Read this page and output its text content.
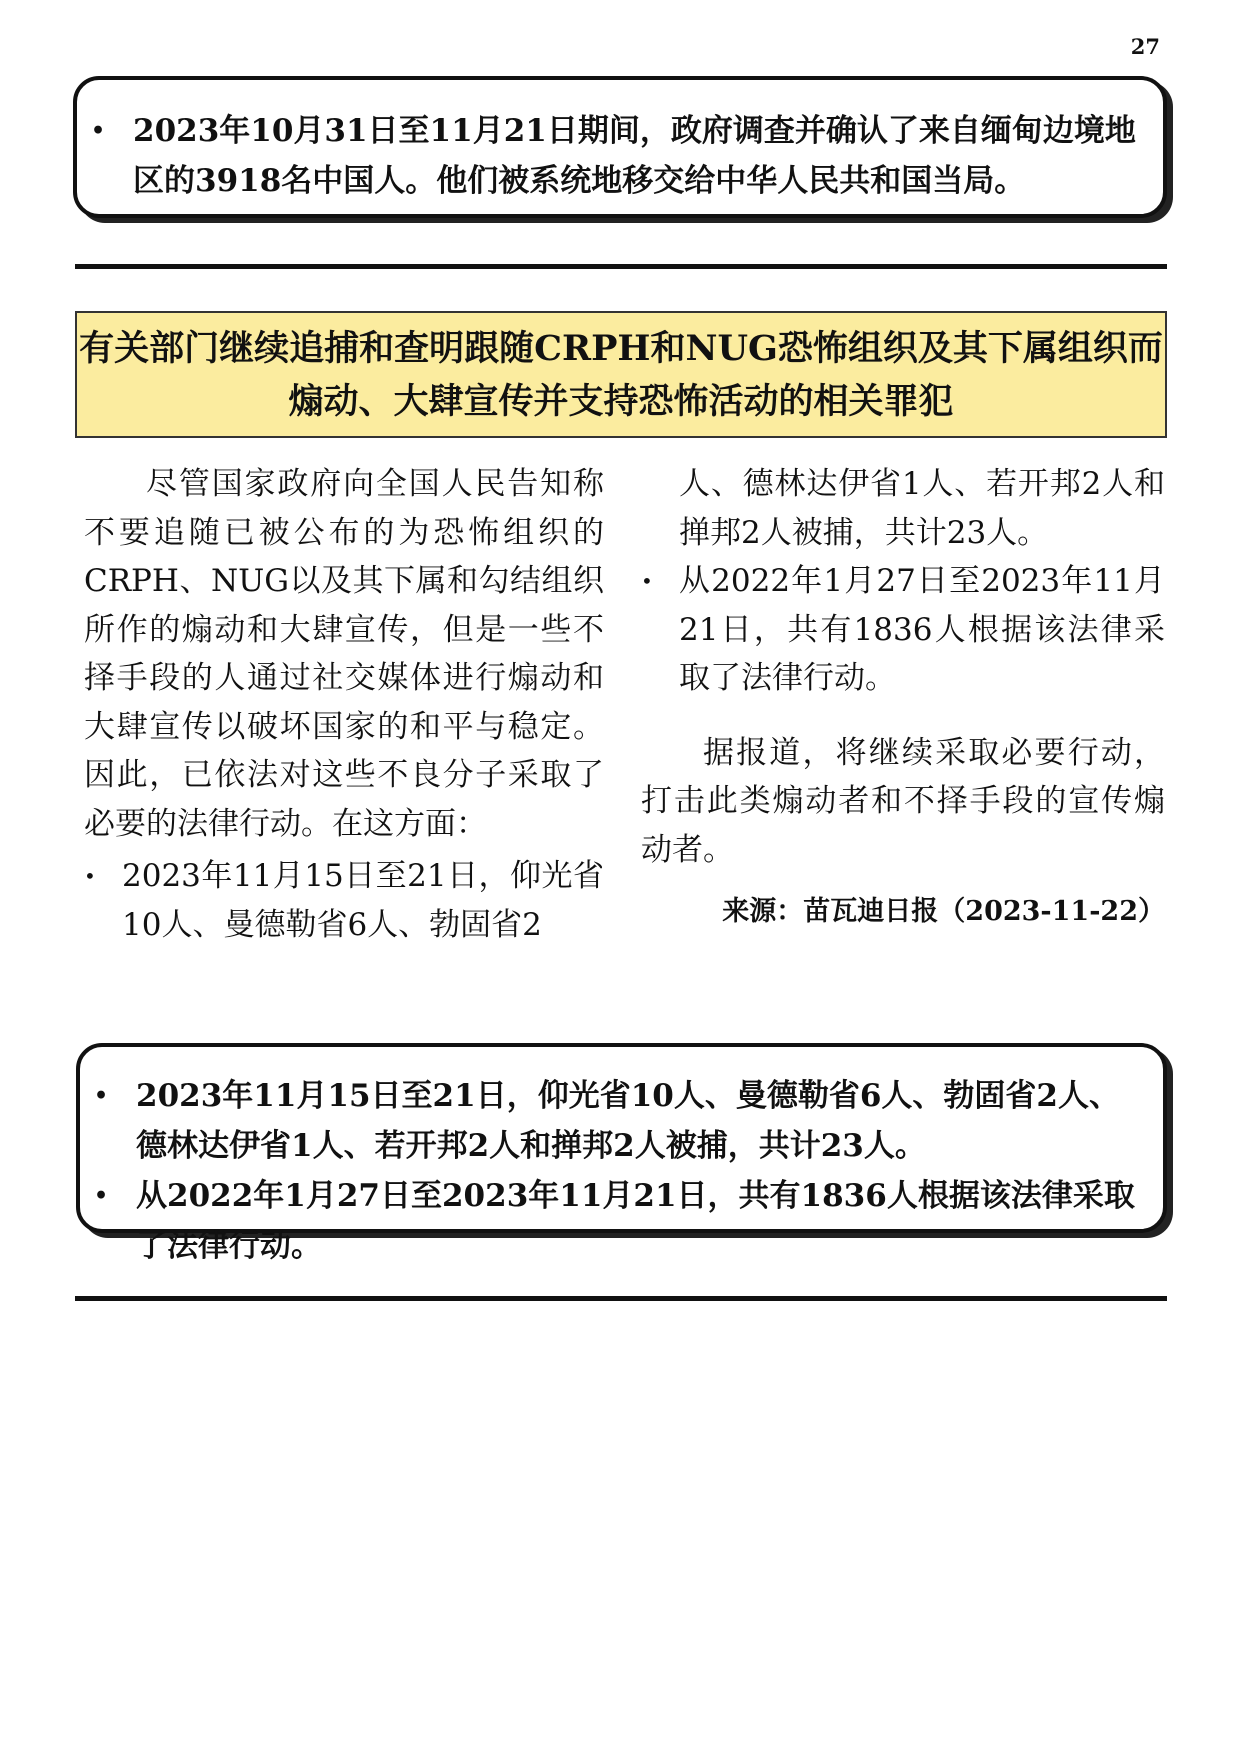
27
• 2023年10月31日至11月21日期间，政府调查并确认了来自缅甸边境地区的3918名中国人。他们被系统地移交给中华人民共和国当局。
有关部门继续追捕和查明跟随CRPH和NUG恐怖组织及其下属组织而
煽动、大肆宣传并支持恐怖活动的相关罪犯

尽管国家政府向全国人民告知称不要追随已被公布的为恐怖组织的CRPH、NUG以及其下属和勾结组织所作的煽动和大肆宣传，但是一些不择手段的人通过社交媒体进行煽动和大肆宣传以破坏国家的和平与稳定。因此，已依法对这些不良分子采取了必要的法律行动。在这方面：

• 2023年11月15日至21日，仰光省10人、曼德勒省6人、勃固省2
人、德林达伊省1人、若开邦2人和掸邦2人被捕，共计23人。
• 从2022年1月27日至2023年11月21日，共有1836人根据该法律采取了法律行动。

据报道，将继续采取必要行动，打击此类煽动者和不择手段的宣传煽动者。

来源：苗瓦迪日报（2023-11-22）
• 2023年11月15日至21日，仰光省10人、曼德勒省6人、勃固省2人、德林达伊省1人、若开邦2人和掸邦2人被捕，共计23人。
• 从2022年1月27日至2023年11月21日，共有1836人根据该法律采取了法律行动。
